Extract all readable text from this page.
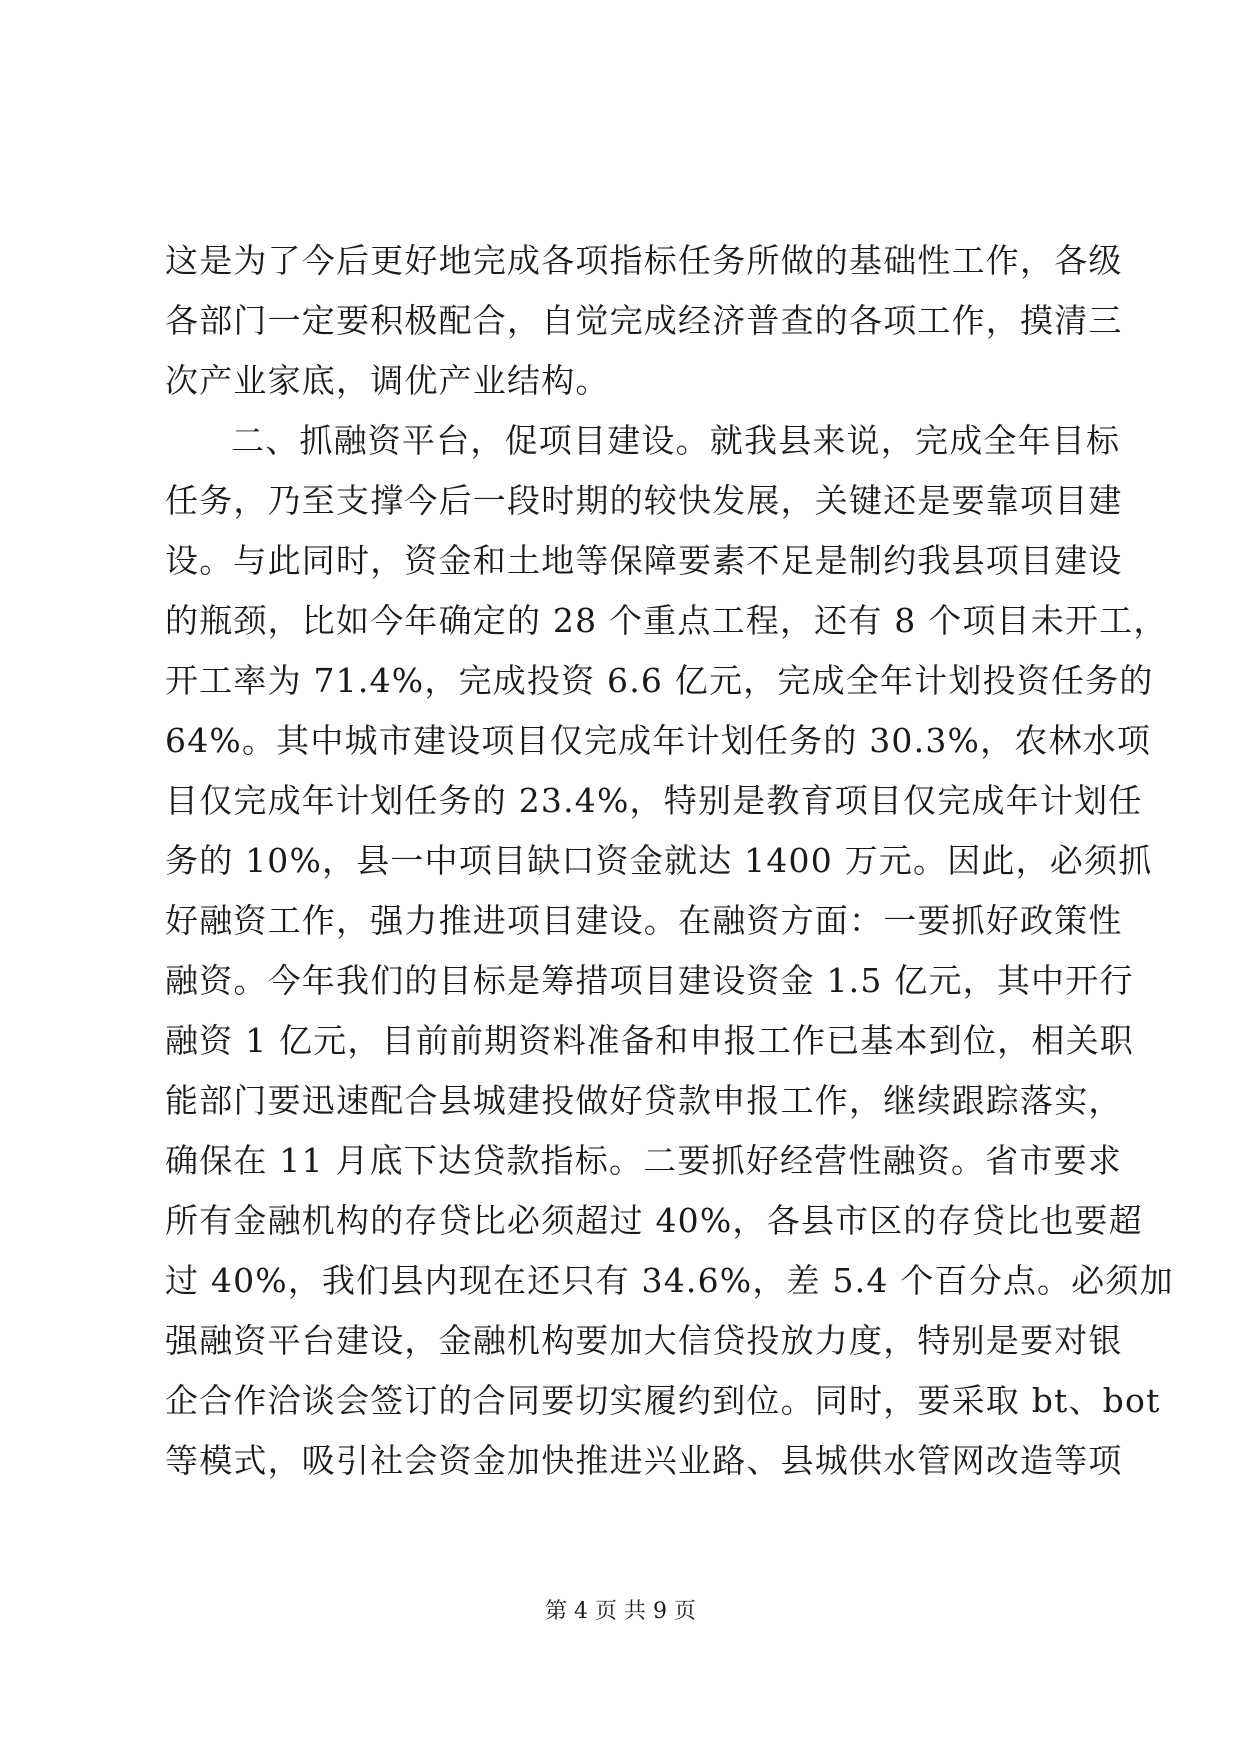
这是为了今后更好地完成各项指标任务所做的基础性工作，各级
各部门一定要积极配合，自觉完成经济普查的各项工作，摸清三
次产业家底，调优产业结构。
二、抓融资平台，促项目建设。就我县来说，完成全年目标
任务，乃至支撑今后一段时期的较快发展，关键还是要靠项目建
设。与此同时，资金和土地等保障要素不足是制约我县项目建设
的瓶颈，比如今年确定的 28 个重点工程，还有 8 个项目未开工，
开工率为 71.4%，完成投资 6.6 亿元，完成全年计划投资任务的
64%。其中城市建设项目仅完成年计划任务的 30.3%，农林水项
目仅完成年计划任务的 23.4%，特别是教育项目仅完成年计划任
务的 10%，县一中项目缺口资金就达 1400 万元。因此，必须抓
好融资工作，强力推进项目建设。在融资方面：一要抓好政策性
融资。今年我们的目标是筹措项目建设资金 1.5 亿元，其中开行
融资 1 亿元，目前前期资料准备和申报工作已基本到位，相关职
能部门要迅速配合县城建投做好贷款申报工作，继续跟踪落实，
确保在 11 月底下达贷款指标。二要抓好经营性融资。省市要求
所有金融机构的存贷比必须超过 40%，各县市区的存贷比也要超
过 40%，我们县内现在还只有 34.6%，差 5.4 个百分点。必须加
强融资平台建设，金融机构要加大信贷投放力度，特别是要对银
企合作洽谈会签订的合同要切实履约到位。同时，要采取 bt、bot
等模式，吸引社会资金加快推进兴业路、县城供水管网改造等项
第 4 页 共 9 页
